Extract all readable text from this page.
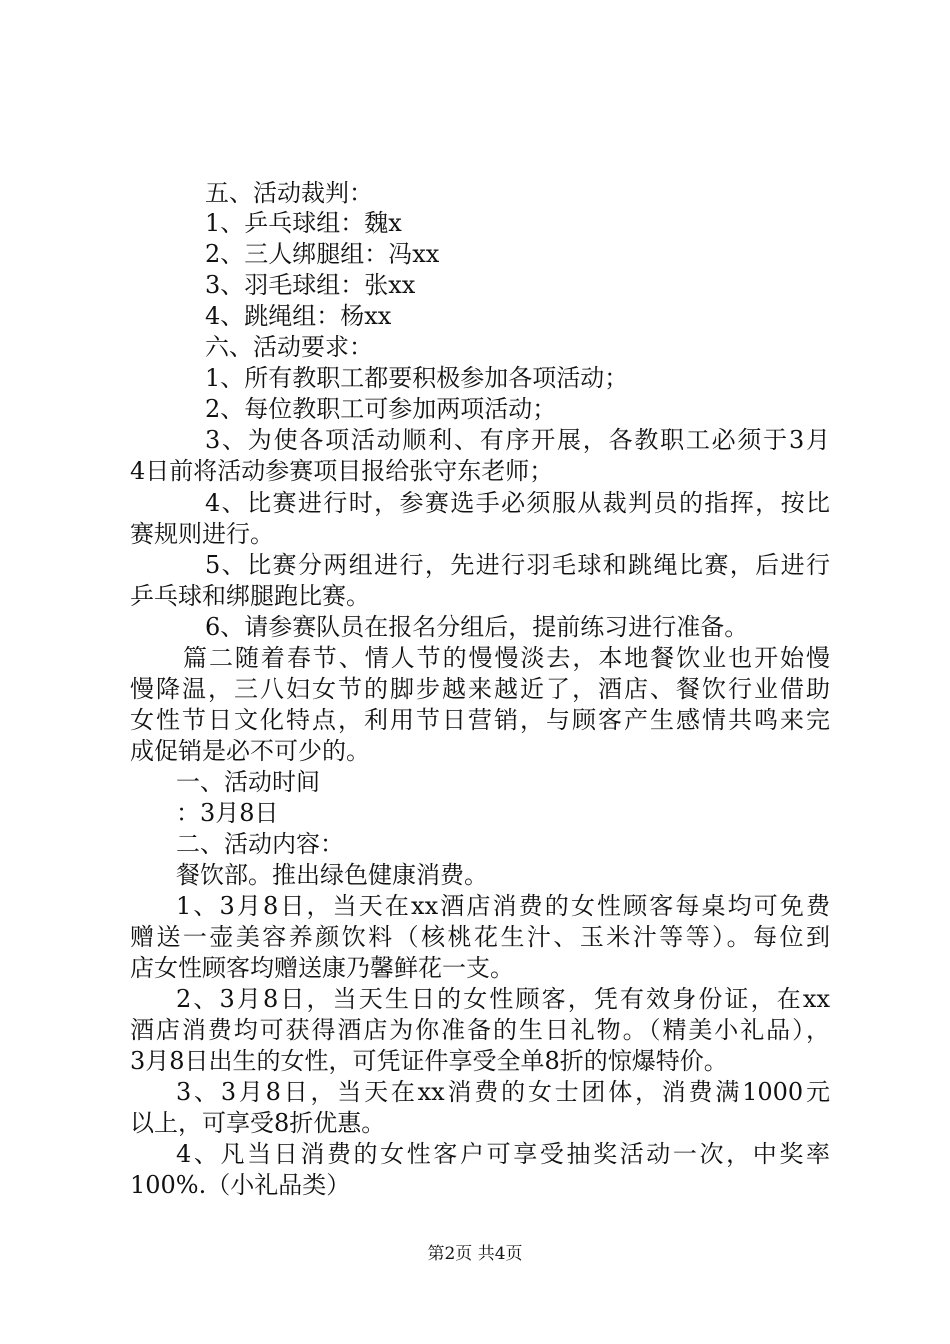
五、活动裁判：
1、乒乓球组：魏x
2、三人绑腿组：冯xx
3、羽毛球组：张xx
4、跳绳组：杨xx
六、活动要求：
1、所有教职工都要积极参加各项活动；
2、每位教职工可参加两项活动；
3、为使各项活动顺利、有序开展，各教职工必须于3月
4日前将活动参赛项目报给张守东老师；
4、比赛进行时，参赛选手必须服从裁判员的指挥，按比
赛规则进行。
5、比赛分两组进行，先进行羽毛球和跳绳比赛，后进行
乒乓球和绑腿跑比赛。
6、请参赛队员在报名分组后，提前练习进行准备。
篇二随着春节、情人节的慢慢淡去，本地餐饮业也开始慢
慢降温，三八妇女节的脚步越来越近了，酒店、餐饮行业借助
女性节日文化特点，利用节日营销，与顾客产生感情共鸣来完
成促销是必不可少的。
一、活动时间
：3月8日
二、活动内容：
餐饮部。推出绿色健康消费。
1、3月8日，当天在xx酒店消费的女性顾客每桌均可免费
赠送一壶美容养颜饮料（核桃花生汁、玉米汁等等）。每位到
店女性顾客均赠送康乃馨鲜花一支。
2、3月8日，当天生日的女性顾客，凭有效身份证，在xx
酒店消费均可获得酒店为你准备的生日礼物。（精美小礼品），
3月8日出生的女性，可凭证件享受全单8折的惊爆特价。
3、3月8日，当天在xx消费的女士团体，消费满1000元
以上，可享受8折优惠。
4、凡当日消费的女性客户可享受抽奖活动一次，中奖率
100%.（小礼品类）
第2页 共4页
